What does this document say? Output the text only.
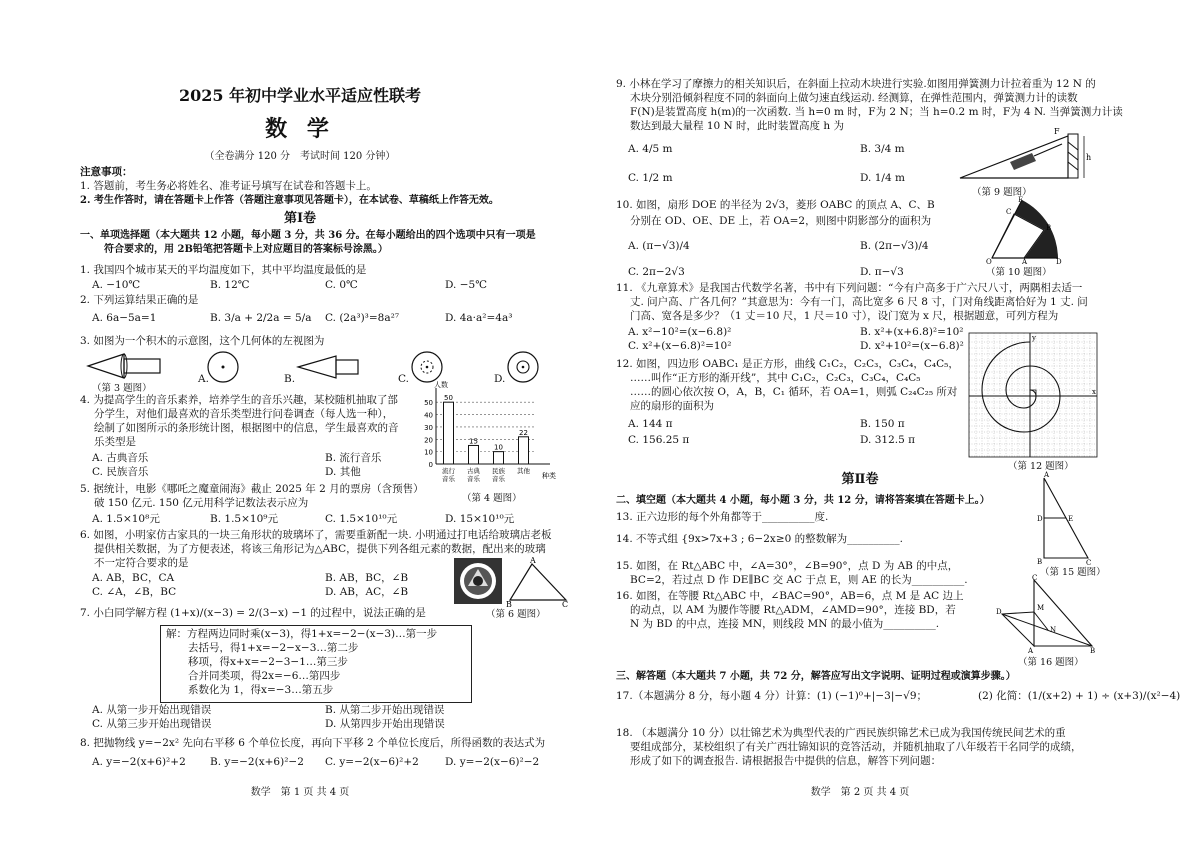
2025 年初中学业水平适应性联考
数 学
（全卷满分 120 分　考试时间 120 分钟）
注意事项：
1. 答题前，考生务必将姓名、准考证号填写在试卷和答题卡上。
2. 考生作答时，请在答题卡上作答（答题注意事项见答题卡），在本试卷、草稿纸上作答无效。
第Ⅰ卷
一、单项选择题（本大题共 12 小题，每小题 3 分，共 36 分。在每小题给出的四个选项中只有一项是
符合要求的，用 2B铅笔把答题卡上对应题目的答案标号涂黑。）
1. 我国四个城市某天的平均温度如下，其中平均温度最低的是
A. −10℃	B. 12℃	C. 0℃	D. −5℃
2. 下列运算结果正确的是
A. 6a−5a=1	B. 3/a + 2/2a = 5/a C. (2a³)³=8a²⁷	D. 4a·a²=4a³
3. 如图为一个积木的示意图，这个几何体的左视图为
（第 3 题图）
A.	B.	C.	D.
4. 为提高学生的音乐素养，培养学生的音乐兴趣，某校随机抽取了部
分学生，对他们最喜欢的音乐类型进行问卷调查（每人选一种），
绘制了如图所示的条形统计图，根据图中的信息，学生最喜欢的音
乐类型是
A. 古典音乐	B. 流行音乐
C. 民族音乐	D. 其他
0
10
20
30
40
50
人数
种类
50
流行
音乐
15
古典
音乐
10
民族
音乐
22
其他
（第 4 题图）
5. 据统计，电影《哪吒之魔童闹海》截止 2025 年 2 月的票房（含预售）
破 150 亿元. 150 亿元用科学记数法表示应为
A. 1.5×10⁸元	B. 1.5×10⁹元	C. 1.5×10¹⁰元	D. 15×10¹⁰元
6. 如图，小明家仿古家具的一块三角形状的玻璃坏了，需要重新配一块. 小明通过打电话给玻璃店老板
提供相关数据，为了方便表述，将该三角形记为△ABC，提供下列各组元素的数据，配出来的玻璃
不一定符合要求的是
A. AB，BC，CA	B. AB，BC，∠B
C. ∠A，∠B，BC	D. AB，AC，∠B
A
B	C
（第 6 题图）
7. 小白同学解方程 (1+x)/(x−3) = 2/(3−x) −1 的过程中，说法正确的是
解：方程两边同时乘(x−3)，得1+x=−2−(x−3)…第一步
去括号，得1+x=−2−x−3…第二步
移项，得x+x=−2−3−1…第三步
合并同类项，得2x=−6…第四步
系数化为 1，得x=−3…第五步
A. 从第一步开始出现错误	B. 从第二步开始出现错误
C. 从第三步开始出现错误	D. 从第四步开始出现错误
8. 把抛物线 y=−2x² 先向右平移 6 个单位长度，再向下平移 2 个单位长度后，所得函数的表达式为
A. y=−2(x+6)²+2 B. y=−2(x+6)²−2 C. y=−2(x−6)²+2 D. y=−2(x−6)²−2
数学　第 1 页 共 4 页
9. 小林在学习了摩擦力的相关知识后，在斜面上拉动木块进行实验.如图用弹簧测力计拉着重为 12 N 的
木块分别沿倾斜程度不同的斜面向上做匀速直线运动. 经测算，在弹性范围内，弹簧测力计的读数
F(N)是装置高度 h(m)的一次函数. 当 h=0 m 时，F为 2 N；当 h=0.2 m 时，F为 4 N. 当弹簧测力计读
数达到最大量程 10 N 时，此时装置高度 h 为
A. 4/5 m	B. 3/4 m
C. 1/2 m	D. 1/4 m
F
h
（第 9 题图）
10. 如图，扇形 DOE 的半径为 2√3，菱形 OABC 的顶点 A、C、B
分别在 OD、OE、DE 上，若 OA=2，则图中阴影部分的面积为
A. (π−√3)/4	B. (2π−√3)/4
C. 2π−2√3	D. π−√3
O
E
C
B
A	D
（第 10 题图）
11. 《九章算术》是我国古代数学名著，书中有下列问题：“今有户高多于广六尺八寸，两隅相去适一
丈. 问户高、广各几何？”其意思为：今有一门，高比宽多 6 尺 8 寸，门对角线距离恰好为 1 丈. 问
门高、宽各是多少？（1 丈＝10 尺，1 尺＝10 寸），设门宽为 x 尺，根据题意，可列方程为
A. x²−10²=(x−6.8)²	B. x²+(x+6.8)²=10²
C. x²+(x−6.8)²=10²	D. x²+10²=(x−6.8)²
12. 如图，四边形 OABC₁ 是正方形，曲线 C₁C₂，C₂C₃，C₃C₄，C₄C₅，
……叫作“正方形的渐开线”，其中 C₁C₂，C₂C₃，C₃C₄，C₄C₅
……的圆心依次按 O，A，B，C₁ 循环，若 OA=1，则弧 C₂₄C₂₅ 所对
应的扇形的面积为
A. 144 π	B. 150 π
C. 156.25 π	D. 312.5 π
x
y
（第 12 题图）
第Ⅱ卷
二、填空题（本大题共 4 小题，每小题 3 分，共 12 分，请将答案填在答题卡上。）
13. 正六边形的每个外角都等于__________度.
14. 不等式组 {9x>7x+3 ; 6−2x≥0 的整数解为__________.
15. 如图，在 Rt△ABC 中，∠A=30°，∠B=90°，点 D 为 AB 的中点，
BC=2，若过点 D 作 DE∥BC 交 AC 于点 E，则 AE 的长为__________.
16. 如图，在等腰 Rt△ABC 中，∠BAC=90°，AB=6，点 M 是 AC 边上
的动点，以 AM 为腰作等腰 Rt△ADM，∠AMD=90°，连接 BD，若
N 为 BD 的中点，连接 MN，则线段 MN 的最小值为__________.
A
D	E
B	C
（第 15 题图）
C
D	M
N
A	B
（第 16 题图）
三、解答题（本大题共 7 小题，共 72 分，解答应写出文字说明、证明过程或演算步骤。）
17.（本题满分 8 分，每小题 4 分）计算：(1) (−1)⁰+|−3|−√9；	(2) 化简：(1/(x+2) + 1) ÷ (x+3)/(x²−4)
18. （本题满分 10 分）以壮锦艺术为典型代表的广西民族织锦艺术已成为我国传统民间艺术的重
要组成部分，某校组织了有关广西壮锦知识的竞答活动，并随机抽取了八年级若干名同学的成绩，
形成了如下的调查报告. 请根据报告中提供的信息，解答下列问题：
数学　第 2 页 共 4 页
